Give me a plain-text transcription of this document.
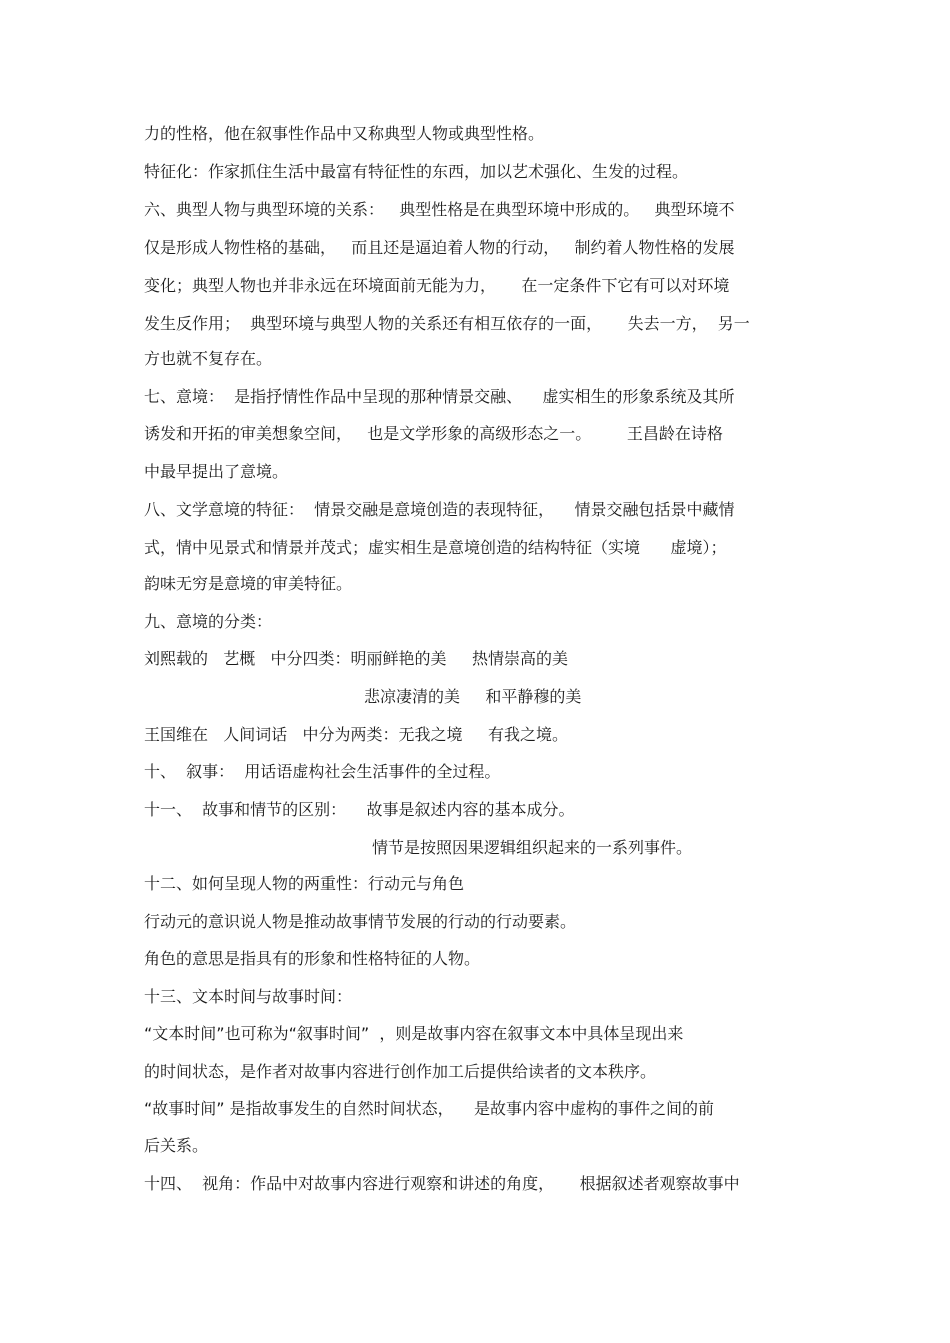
力的性格，他在叙事性作品中又称典型人物或典型性格。
特征化：作家抓住生活中最富有特征性的东西，加以艺术强化、生发的过程。
六、典型人物与典型环境的关系：   典型性格是在典型环境中形成的。   典型环境不
仅是形成人物性格的基础，   而且还是逼迫着人物的行动，   制约着人物性格的发展
变化；典型人物也并非永远在环境面前无能为力，     在一定条件下它有可以对环境
发生反作用；  典型环境与典型人物的关系还有相互依存的一面，     失去一方，  另一
方也就不复存在。
七、意境：  是指抒情性作品中呈现的那种情景交融、    虚实相生的形象系统及其所
诱发和开拓的审美想象空间，   也是文学形象的高级形态之一。       王昌龄在诗格
中最早提出了意境。
八、文学意境的特征：  情景交融是意境创造的表现特征，    情景交融包括景中藏情
式，情中见景式和情景并茂式；虚实相生是意境创造的结构特征（实境      虚境）；
韵味无穷是意境的审美特征。
九、意境的分类：
刘熙载的   艺概   中分四类：明丽鲜艳的美     热情崇高的美
悲凉凄清的美     和平静穆的美
王国维在   人间词话   中分为两类：无我之境     有我之境。
十、  叙事：  用话语虚构社会生活事件的全过程。
十一、  故事和情节的区别：    故事是叙述内容的基本成分。
情节是按照因果逻辑组织起来的一系列事件。
十二、如何呈现人物的两重性：行动元与角色
行动元的意识说人物是推动故事情节发展的行动的行动要素。
角色的意思是指具有的形象和性格特征的人物。
十三、文本时间与故事时间：
“文本时间”也可称为“叙事时间”  ，则是故事内容在叙事文本中具体呈现出来
的时间状态，是作者对故事内容进行创作加工后提供给读者的文本秩序。
“故事时间” 是指故事发生的自然时间状态，    是故事内容中虚构的事件之间的前
后关系。
十四、  视角：作品中对故事内容进行观察和讲述的角度，     根据叙述者观察故事中
